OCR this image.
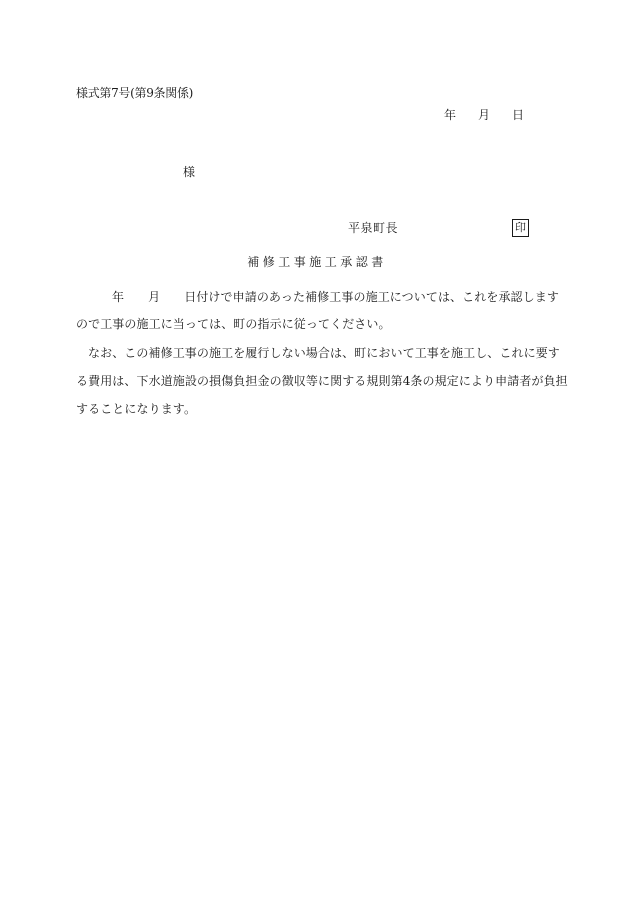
様式第7号(第9条関係)
年 月 日
様
平泉町長	印
補修工事施工承認書
年 月 日付けで申請のあった補修工事の施工については、これを承認します
ので工事の施工に当っては、町の指示に従ってください。
なお、この補修工事の施工を履行しない場合は、町において工事を施工し、これに要す
る費用は、下水道施設の損傷負担金の徴収等に関する規則第4条の規定により申請者が負担
することになります。
